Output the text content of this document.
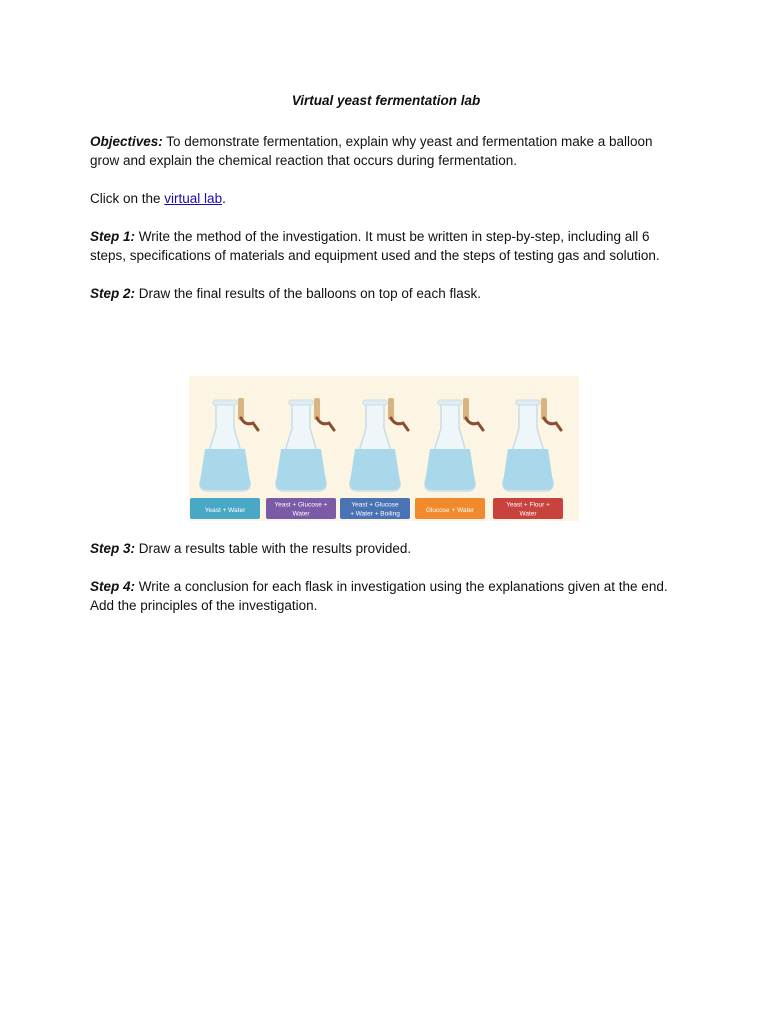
Virtual yeast fermentation lab
Objectives: To demonstrate fermentation, explain why yeast and fermentation make a balloon grow and explain the chemical reaction that occurs during fermentation.
Click on the virtual lab.
Step 1: Write the method of the investigation. It must be written in step-by-step, including all 6 steps, specifications of materials and equipment used and the steps of testing gas and solution.
Step 2: Draw the final results of the balloons on top of each flask.
Step 3: Draw a results table with the results provided.
Step 4: Write a conclusion for each flask in investigation using the explanations given at the end. Add the principles of the investigation.
Yeast + Water
Yeast + Glucose +
Water
Yeast + Glucose
+ Water + Boiling	Glucose + Water
Yeast + Flour +
Water
